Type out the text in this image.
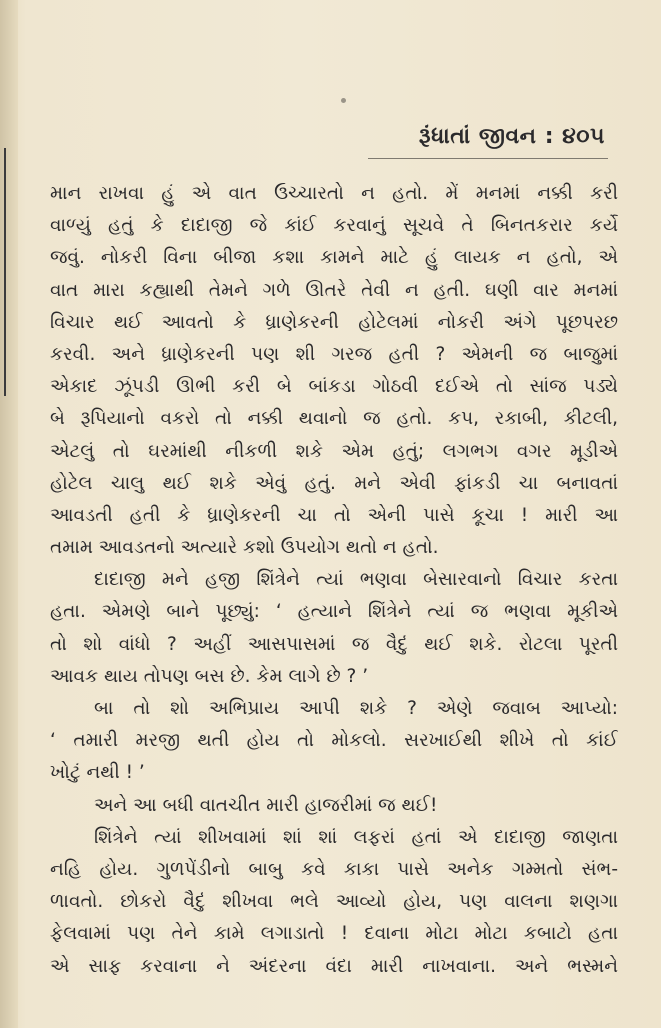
રૂંધાતાં જીવન : ૪૦૫
માન રાખવા હું એ વાત ઉચ્ચારતો ન હતો. મેં મનમાં નક્કી કરી
વાળ્યું હતું કે દાદાજી જે કાંઈ કરવાનું સૂચવે તે બિનતકરાર કર્યે
જવું. નોકરી વિના બીજા કશા કામને માટે હું લાયક ન હતો, એ
વાત મારા કહ્યાથી તેમને ગળે ઊતરે તેવી ન હતી. ઘણી વાર મનમાં
વિચાર થઈ આવતો કે ધ્રાણેકરની હોટેલમાં નોકરી અંગે પૂછપરછ
કરવી. અને ધ્રાણેકરની પણ શી ગરજ હતી ? એમની જ બાજુમાં
એકાદ ઝૂંપડી ઊભી કરી બે બાંકડા ગોઠવી દઈએ તો સાંજ પડ્યે
બે રૂપિયાનો વકરો તો નક્કી થવાનો જ હતો. કપ, રકાબી, કીટલી,
એટલું તો ઘરમાંથી નીકળી શકે એમ હતું; લગભગ વગર મૂડીએ
હોટેલ ચાલુ થઈ શકે એવું હતું. મને એવી ફાંકડી ચા બનાવતાં
આવડતી હતી કે ધ્રાણેકરની ચા તો એની પાસે કૂચા ! મારી આ
તમામ આવડતનો અત્યારે કશો ઉપયોગ થતો ન હતો.
દાદાજી મને હજી શિંત્રેને ત્યાં ભણવા બેસારવાનો વિચાર કરતા
હતા. એમણે બાને પૂછ્યું: ‘ હત્યાને શિંત્રેને ત્યાં જ ભણવા મૂકીએ
તો શો વાંધો ? અહીં આસપાસમાં જ વૈદું થઈ શકે. રોટલા પૂરતી
આવક થાય તોપણ બસ છે. કેમ લાગે છે ? ’
બા તો શો અભિપ્રાય આપી શકે ? એણે જવાબ આપ્યો:
‘ તમારી મરજી થતી હોય તો મોકલો. સરખાઈથી શીખે તો કાંઈ
ખોટું નથી ! ’
અને આ બધી વાતચીત મારી હાજરીમાં જ થઈ!
શિંત્રેને ત્યાં શીખવામાં શાં શાં લફરાં હતાં એ દાદાજી જાણતા
નહિ હોય. ગુળપેંડીનો બાબુ કવે કાકા પાસે અનેક ગમ્મતો સંભ-
ળાવતો. છોકરો વૈદું શીખવા ભલે આવ્યો હોય, પણ વાલના શણગા
ફેલવામાં પણ તેને કામે લગાડાતો ! દવાના મોટા મોટા કબાટો હતા
એ સાફ કરવાના ને અંદરના વંદા મારી નાખવાના. અને ભસ્મને
